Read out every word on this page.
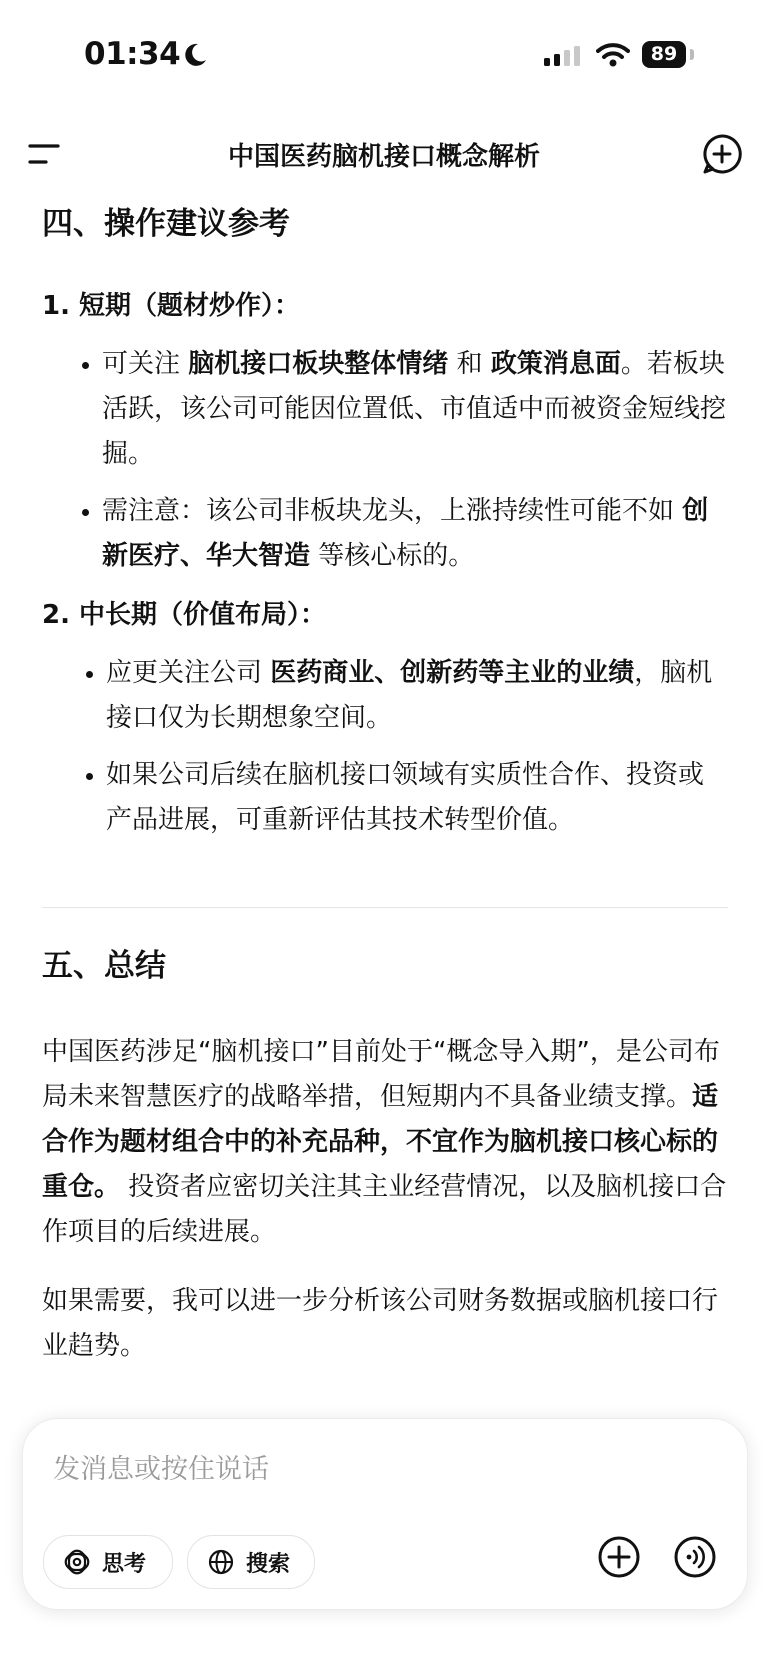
01:34	89
中国医药脑机接口概念解析
四、操作建议参考
1. 短期（题材炒作）：
可关注 脑机接口板块整体情绪 和 政策消息面。若板块活跃，该公司可能因位置低、市值适中而被资金短线挖掘。
需注意：该公司非板块龙头，上涨持续性可能不如 创新医疗、华大智造 等核心标的。
2. 中长期（价值布局）：
应更关注公司 医药商业、创新药等主业的业绩，脑机接口仅为长期想象空间。
如果公司后续在脑机接口领域有实质性合作、投资或产品进展，可重新评估其技术转型价值。
五、总结

中国医药涉足“脑机接口”目前处于“概念导入期”，是公司布局未来智慧医疗的战略举措，但短期内不具备业绩支撑。适合作为题材组合中的补充品种，不宜作为脑机接口核心标的重仓。 投资者应密切关注其主业经营情况，以及脑机接口合作项目的后续进展。

如果需要，我可以进一步分析该公司财务数据或脑机接口行业趋势。

发消息或按住说话
思考	搜索
